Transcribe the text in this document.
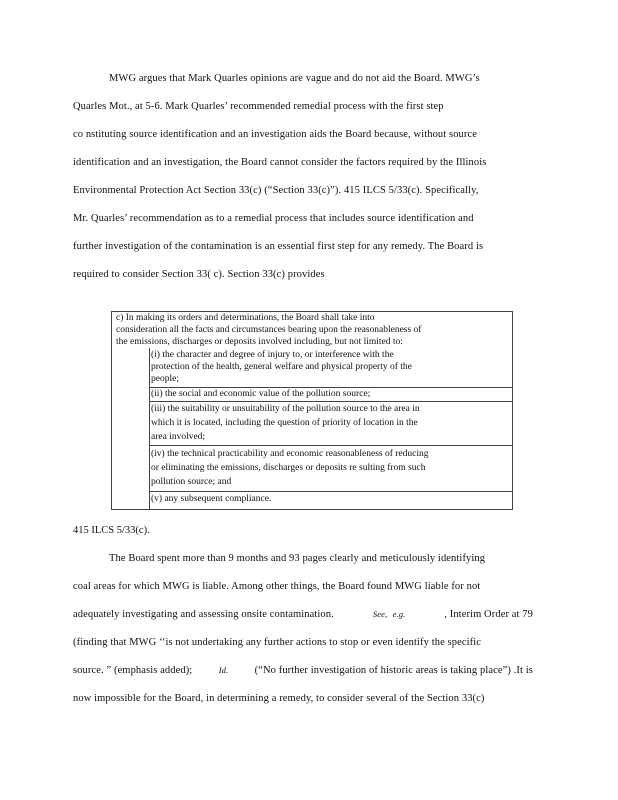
MWG argues that Mark Quarles opinions are vague and do not aid the Board. MWG’s
Quarles Mot., at 5-6. Mark Quarles’ recommended remedial process with the first step
co nstituting source identification and an investigation aids the Board because, without source
identification and an investigation, the Board cannot consider the factors required by the Illinois
Environmental Protection Act Section 33(c) (“Section 33(c)”). 415 ILCS 5/33(c). Specifically,
Mr. Quarles’ recommendation as to a remedial process that includes source identification and
further investigation of the contamination is an essential first step for any remedy. The Board is
required to consider Section 33( c). Section 33(c) provides
c) In making its orders and determinations, the Board shall take into
consideration all the facts and circumstances bearing upon the reasonableness of
the emissions, discharges or deposits involved including, but not limited to:
(i) the character and degree of injury to, or interference with the
protection of the health, general welfare and physical property of the
people;
(ii) the social and economic value of the pollution source;
(iii) the suitability or unsuitability of the pollution source to the area in
which it is located, including the question of priority of location in the
area involved;
(iv) the technical practicability and economic reasonableness of reducing
or eliminating the emissions, discharges or deposits re sulting from such
pollution source; and
(v) any subsequent compliance.
415 ILCS 5/33(c).
The Board spent more than 9 months and 93 pages clearly and meticulously identifying
coal areas for which MWG is liable. Among other things, the Board found MWG liable for not
adequately investigating and assessing onsite contamination.	See, e.g.	, Interim Order at 79
(finding that MWG ‘‘is not undertaking any further actions to stop or even identify the specific
source. ” (emphasis added);	Id.	(“No further investigation of historic areas is taking place”) .It is
now impossible for the Board, in determining a remedy, to consider several of the Section 33(c)
